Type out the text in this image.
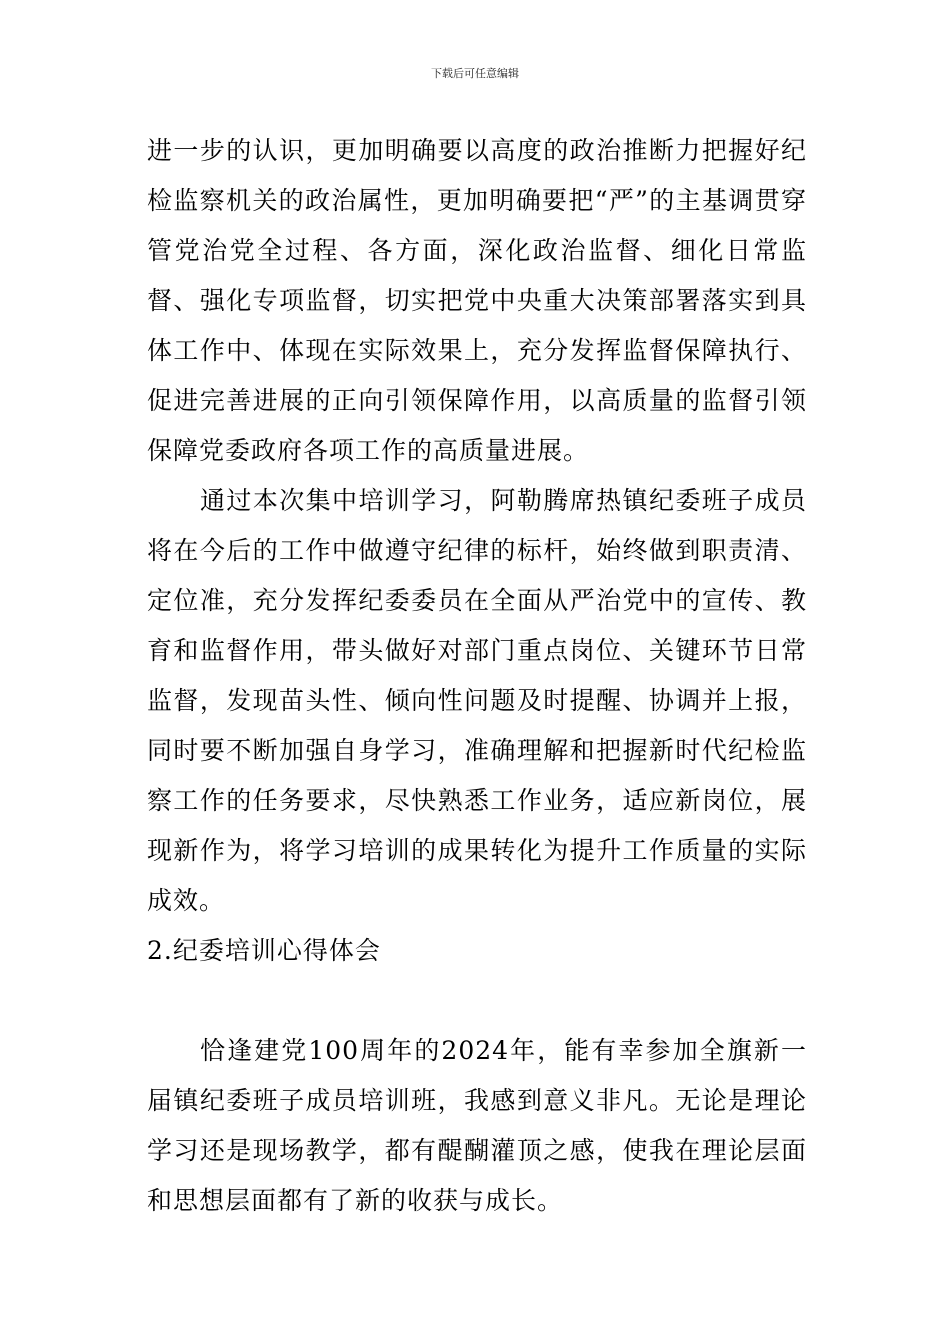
下载后可任意编辑

进一步的认识，更加明确要以高度的政治推断力把握好纪检监察机关的政治属性，更加明确要把“严”的主基调贯穿管党治党全过程、各方面，深化政治监督、细化日常监督、强化专项监督，切实把党中央重大决策部署落实到具体工作中、体现在实际效果上，充分发挥监督保障执行、促进完善进展的正向引领保障作用，以高质量的监督引领保障党委政府各项工作的高质量进展。

通过本次集中培训学习，阿勒腾席热镇纪委班子成员将在今后的工作中做遵守纪律的标杆，始终做到职责清、定位准，充分发挥纪委委员在全面从严治党中的宣传、教育和监督作用，带头做好对部门重点岗位、关键环节日常监督，发现苗头性、倾向性问题及时提醒、协调并上报，同时要不断加强自身学习，准确理解和把握新时代纪检监察工作的任务要求，尽快熟悉工作业务，适应新岗位，展现新作为，将学习培训的成果转化为提升工作质量的实际成效。

2.纪委培训心得体会

恰逢建党100周年的2024年，能有幸参加全旗新一届镇纪委班子成员培训班，我感到意义非凡。无论是理论学习还是现场教学，都有醍醐灌顶之感，使我在理论层面和思想层面都有了新的收获与成长。
